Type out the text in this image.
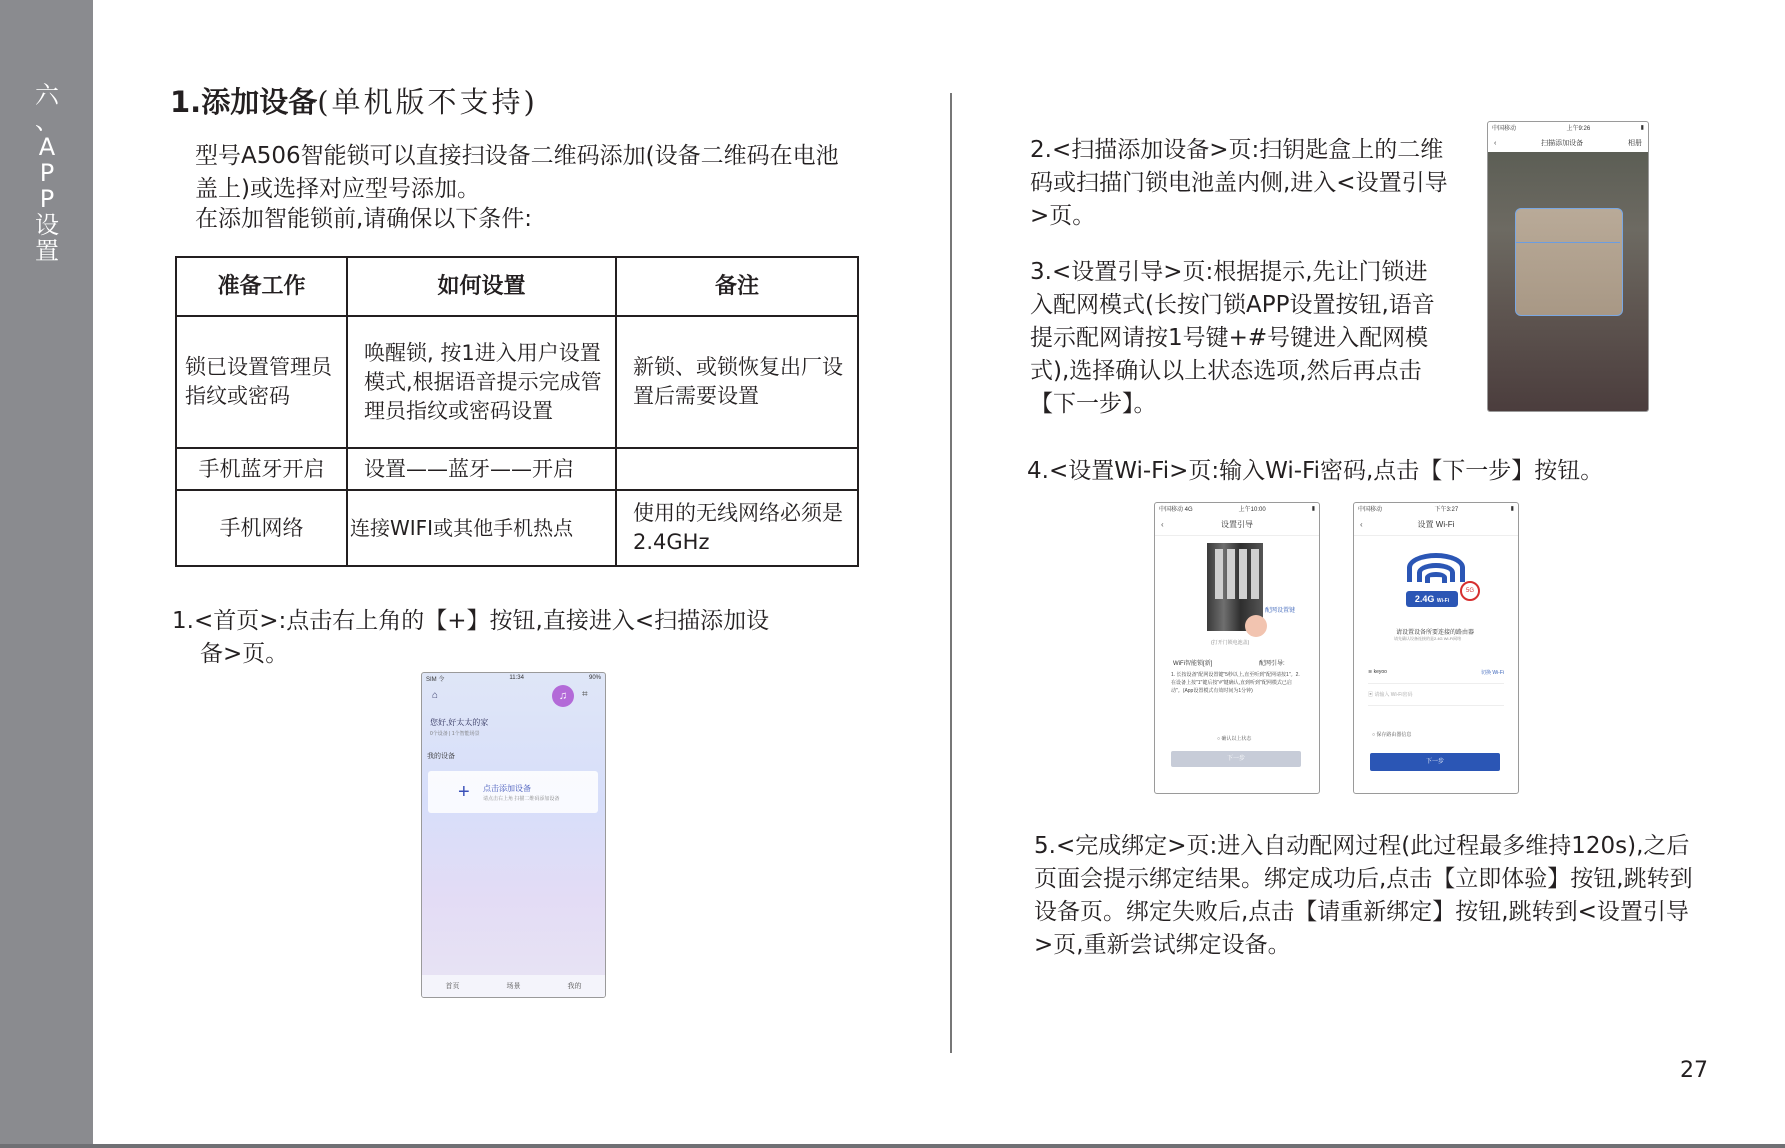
六
、
A
P
P
设
置
1.添加设备(单机版不支持)
型号A506智能锁可以直接扫设备二维码添加(设备二维码在电池盖上)或选择对应型号添加。
在添加智能锁前,请确保以下条件:
准备工作	如何设置	备注
锁已设置管理员指纹或密码	唤醒锁, 按1进入用户设置模式,根据语音提示完成管理员指纹或密码设置	新锁、或锁恢复出厂设置后需要设置
手机蓝牙开启	设置——蓝牙——开启	
手机网络	连接WIFI或其他手机热点	使用的无线网络必须是2.4GHz
1.<首页>:点击右上角的【+】按钮,直接进入<扫描添加设
备>页。
SIM 令	11:34	90%
⌂	♫	⌗
您好,好太太的家
0个设备 | 1个智能场景
我的设备
+ 点击添加设备
请点击右上角 扫描二维码添加设备
首页	场景	我的
2.<扫描添加设备>页:扫钥匙盒上的二维码或扫描门锁电池盖内侧,进入<设置引导>页。
3.<设置引导>页:根据提示,先让门锁进入配网模式(长按门锁APP设置按钮,语音提示配网请按1号键+#号键进入配网模式),选择确认以上状态选项,然后再点击【下一步】。
中国移动	上午9:26	▮
‹	扫描添加设备	相册
4.<设置Wi-Fi>页:输入Wi-Fi密码,点击【下一步】按钮。
中国移动 4G	上午10:00	▮
‹	设置引导
配网设置键
(打开门锁电池盖)
WiFi智能锁[新]	配网引导:
1. 长按设备"配网设置键"5秒以上,直至听到"配网请按1"。2. 在设备上按"1"键后按"#"键确认,直到听到"配网模式已启动"。(App设置模式有效时间为1分钟)
○ 确认以上状态
下一步
中国移动	下午3:27	▮
‹	设置 Wi-Fi
2.4G Wi-Fi
5G
请设置设备所要连接的路由器
请先确认设备连接的是2.4G Wi-Fi网络
≋ keyoo	切换 Wi-Fi
▣ 请输入 Wi-Fi密码
○ 保存路由器信息
下一步
5.<完成绑定>页:进入自动配网过程(此过程最多维持120s),之后页面会提示绑定结果。绑定成功后,点击【立即体验】按钮,跳转到设备页。绑定失败后,点击【请重新绑定】按钮,跳转到<设置引导>页,重新尝试绑定设备。
27
